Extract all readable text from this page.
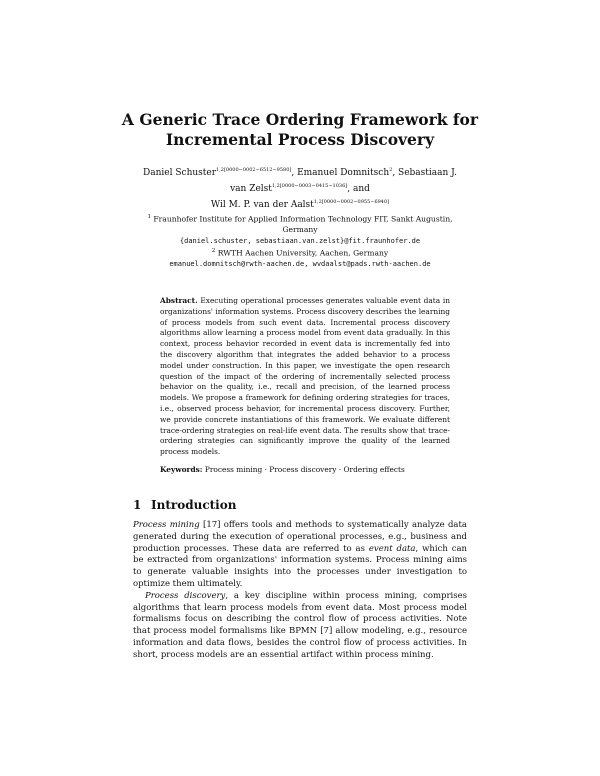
A Generic Trace Ordering Framework for
Incremental Process Discovery
Daniel Schuster$^{1,2[0000-0002-6512-9580]}$, Emanuel Domnitsch$^2$, Sebastiaan J.
van Zelst$^{1,2[0000-0003-0415-1036]}$, and
Wil M. P. van der Aalst$^{1,2[0000-0002-0955-6940]}$
$^1$ Fraunhofer Institute for Applied Information Technology FIT, Sankt Augustin,
Germany
{daniel.schuster, sebastiaan.van.zelst}@fit.fraunhofer.de
$^2$ RWTH Aachen University, Aachen, Germany
emanuel.domnitsch@rwth-aachen.de, wvdaalst@pads.rwth-aachen.de
Abstract. Executing operational processes generates valuable event data in organizations' information systems. Process discovery describes the learning of process models from such event data. Incremental process discovery algorithms allow learning a process model from event data gradually. In this context, process behavior recorded in event data is incrementally fed into the discovery algorithm that integrates the added behavior to a process model under construction. In this paper, we investigate the open research question of the impact of the ordering of incrementally selected process behavior on the quality, i.e., recall and precision, of the learned process models. We propose a framework for defining ordering strategies for traces, i.e., observed process behavior, for incremental process discovery. Further, we provide concrete instantiations of this framework. We evaluate different trace-ordering strategies on real-life event data. The results show that trace-ordering strategies can significantly improve the quality of the learned process models.
Keywords: Process mining · Process discovery · Ordering effects
1 Introduction

Process mining [17] offers tools and methods to systematically analyze data generated during the execution of operational processes, e.g., business and production processes. These data are referred to as event data, which can be extracted from organizations' information systems. Process mining aims to generate valuable insights into the processes under investigation to optimize them ultimately.

Process discovery, a key discipline within process mining, comprises algorithms that learn process models from event data. Most process model formalisms focus on describing the control flow of process activities. Note that process model formalisms like BPMN [7] allow modeling, e.g., resource information and data flows, besides the control flow of process activities. In short, process models are an essential artifact within process mining.
